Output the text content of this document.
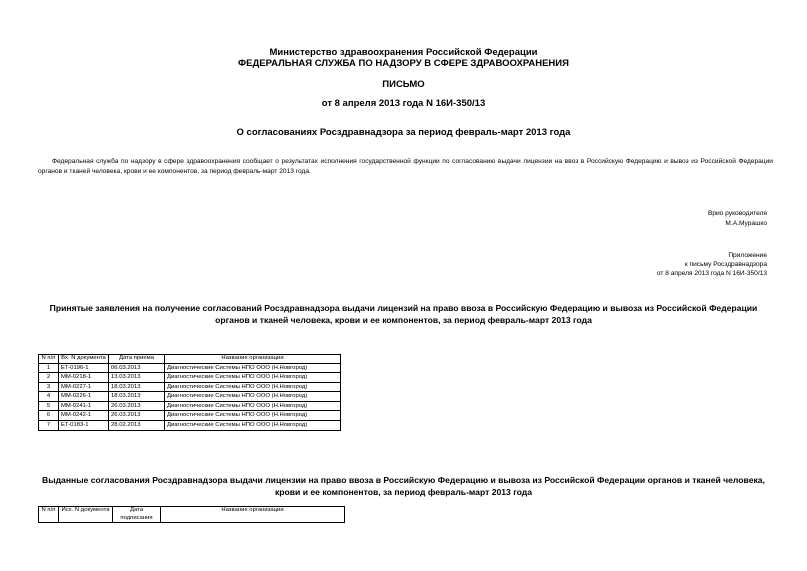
Министерство здравоохранения Российской Федерации
ФЕДЕРАЛЬНАЯ СЛУЖБА ПО НАДЗОРУ В СФЕРЕ ЗДРАВООХРАНЕНИЯ
ПИСЬМО
от 8 апреля 2013 года N 16И-350/13
О согласованиях Росздравнадзора за период февраль-март 2013 года
Федеральная служба по надзору в сфере здравоохранения сообщает о результатах исполнения государственной функции по согласованию выдачи лицензии на ввоз в Российскую Федерацию и вывоз из Российской Федерации органов и тканей человека, крови и ее компонентов, за период февраль-март 2013 года.
Врио руководителя
М.А.Мурашко
Приложение
к письму Росздравнадзора
от 8 апреля 2013 года N 16И-350/13
Принятые заявления на получение согласований Росздравнадзора выдачи лицензий на право ввоза в Российскую Федерацию и вывоза из Российской Федерации органов и тканей человека, крови и ее компонентов, за период февраль-март 2013 года
N п/п	Вх. N документа	Дата приема	Название организации
1	ET-0196-1	06.03.2013	Диагностические Системы НПО ООО (Н.Новгород)
2	MM-0218-1	13.03.2013	Диагностические Системы НПО ООО (Н.Новгород)
3	MM-0227-1	18.03.2013	Диагностические Системы НПО ООО (Н.Новгород)
4	MM-0226-1	18.03.2013	Диагностические Системы НПО ООО (Н.Новгород)
5	MM-0241-1	26.03.2013	Диагностические Системы НПО ООО (Н.Новгород)
6	MM-0242-1	26.03.2013	Диагностические Системы НПО ООО (Н.Новгород)
7	ET-0183-1	28.02.2013	Диагностические Системы НПО ООО (Н.Новгород)
Выданные согласования Росздравнадзора выдачи лицензии на право ввоза в Российскую Федерацию и вывоза из Российской Федерации органов и тканей человека, крови и ее компонентов, за период февраль-март 2013 года
N п/п	Исх. N документа	Дата подписания	Название организации
